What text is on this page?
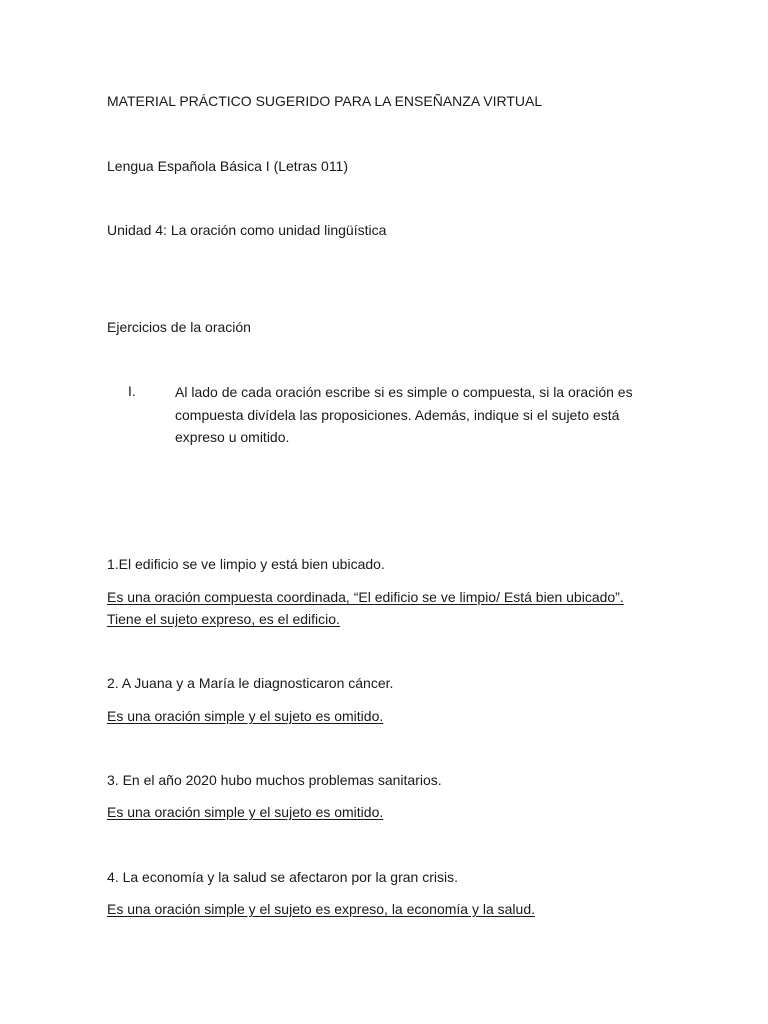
MATERIAL PRÁCTICO SUGERIDO PARA LA ENSEÑANZA VIRTUAL
Lengua Española Básica I (Letras 011)
Unidad 4: La oración como unidad lingüística
Ejercicios de la oración
I.	Al lado de cada oración escribe si es simple o compuesta, si la oración es compuesta divídela las proposiciones. Además, indique si el sujeto está expreso u omitido.
1.El edificio se ve limpio y está bien ubicado.
Es una oración compuesta coordinada, “El edificio se ve limpio/ Está bien ubicado”.
Tiene el sujeto expreso, es el edificio.
2. A Juana y a María le diagnosticaron cáncer.
Es una oración simple y el sujeto es omitido.
3. En el año 2020 hubo muchos problemas sanitarios.
Es una oración simple y el sujeto es omitido.
4. La economía y la salud se afectaron por la gran crisis.
Es una oración simple y el sujeto es expreso, la economía y la salud.
